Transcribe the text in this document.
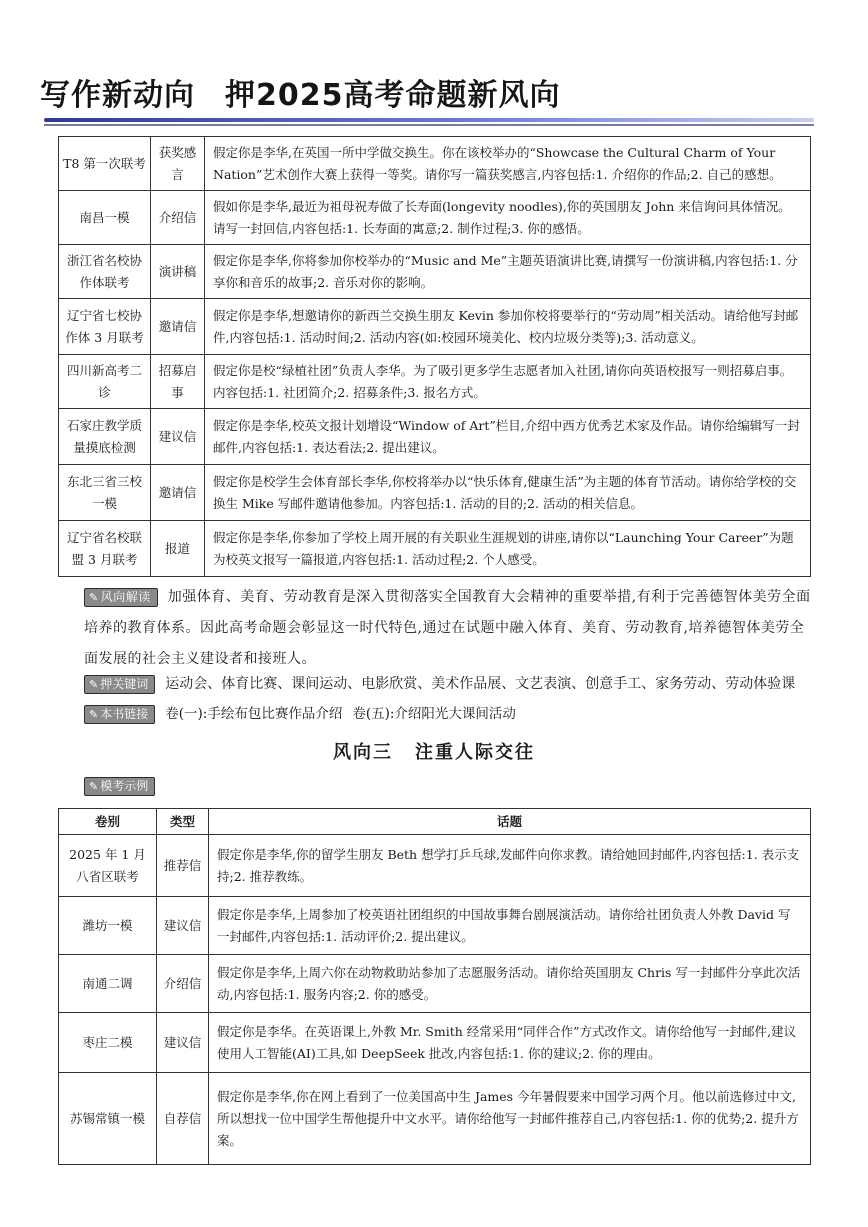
写作新动向 押2025高考命题新风向
T8 第一次联考	获奖感言	假定你是李华,在英国一所中学做交换生。你在该校举办的“Showcase the Cultural Charm of Your Nation”艺术创作大赛上获得一等奖。请你写一篇获奖感言,内容包括:1. 介绍你的作品;2. 自己的感想。
南昌一模	介绍信	假如你是李华,最近为祖母祝寿做了长寿面(longevity noodles),你的英国朋友 John 来信询问具体情况。请写一封回信,内容包括:1. 长寿面的寓意;2. 制作过程;3. 你的感悟。
浙江省名校协作体联考	演讲稿	假定你是李华,你将参加你校举办的“Music and Me”主题英语演讲比赛,请撰写一份演讲稿,内容包括:1. 分享你和音乐的故事;2. 音乐对你的影响。
辽宁省七校协作体 3 月联考	邀请信	假定你是李华,想邀请你的新西兰交换生朋友 Kevin 参加你校将要举行的“劳动周”相关活动。请给他写封邮件,内容包括:1. 活动时间;2. 活动内容(如:校园环境美化、校内垃圾分类等);3. 活动意义。
四川新高考二诊	招募启事	假定你是校“绿植社团”负责人李华。为了吸引更多学生志愿者加入社团,请你向英语校报写一则招募启事。内容包括:1. 社团简介;2. 招募条件;3. 报名方式。
石家庄教学质量摸底检测	建议信	假定你是李华,校英文报计划增设“Window of Art”栏目,介绍中西方优秀艺术家及作品。请你给编辑写一封邮件,内容包括:1. 表达看法;2. 提出建议。
东北三省三校一模	邀请信	假定你是校学生会体育部长李华,你校将举办以“快乐体育,健康生活”为主题的体育节活动。请你给学校的交换生 Mike 写邮件邀请他参加。内容包括:1. 活动的目的;2. 活动的相关信息。
辽宁省名校联盟 3 月联考	报道	假定你是李华,你参加了学校上周开展的有关职业生涯规划的讲座,请你以“Launching Your Career”为题为校英文报写一篇报道,内容包括:1. 活动过程;2. 个人感受。
✎ 风向解读 加强体育、美育、劳动教育是深入贯彻落实全国教育大会精神的重要举措,有利于完善德智体美劳全面培养的教育体系。因此高考命题会彰显这一时代特色,通过在试题中融入体育、美育、劳动教育,培养德智体美劳全面发展的社会主义建设者和接班人。
✎ 押关键词 运动会、体育比赛、课间运动、电影欣赏、美术作品展、文艺表演、创意手工、家务劳动、劳动体验课
✎ 本书链接 卷(一):手绘布包比赛作品介绍 卷(五):介绍阳光大课间活动
风向三 注重人际交往
✎ 模考示例
卷别	类型	话题
2025 年 1 月八省区联考	推荐信	假定你是李华,你的留学生朋友 Beth 想学打乒乓球,发邮件向你求教。请给她回封邮件,内容包括:1. 表示支持;2. 推荐教练。
潍坊一模	建议信	假定你是李华,上周参加了校英语社团组织的中国故事舞台剧展演活动。请你给社团负责人外教 David 写一封邮件,内容包括:1. 活动评价;2. 提出建议。
南通二调	介绍信	假定你是李华,上周六你在动物救助站参加了志愿服务活动。请你给英国朋友 Chris 写一封邮件分享此次活动,内容包括:1. 服务内容;2. 你的感受。
枣庄二模	建议信	假定你是李华。在英语课上,外教 Mr. Smith 经常采用“同伴合作”方式改作文。请你给他写一封邮件,建议使用人工智能(AI)工具,如 DeepSeek 批改,内容包括:1. 你的建议;2. 你的理由。
苏锡常镇一模	自荐信	假定你是李华,你在网上看到了一位美国高中生 James 今年暑假要来中国学习两个月。他以前选修过中文,所以想找一位中国学生帮他提升中文水平。请你给他写一封邮件推荐自己,内容包括:1. 你的优势;2. 提升方案。
